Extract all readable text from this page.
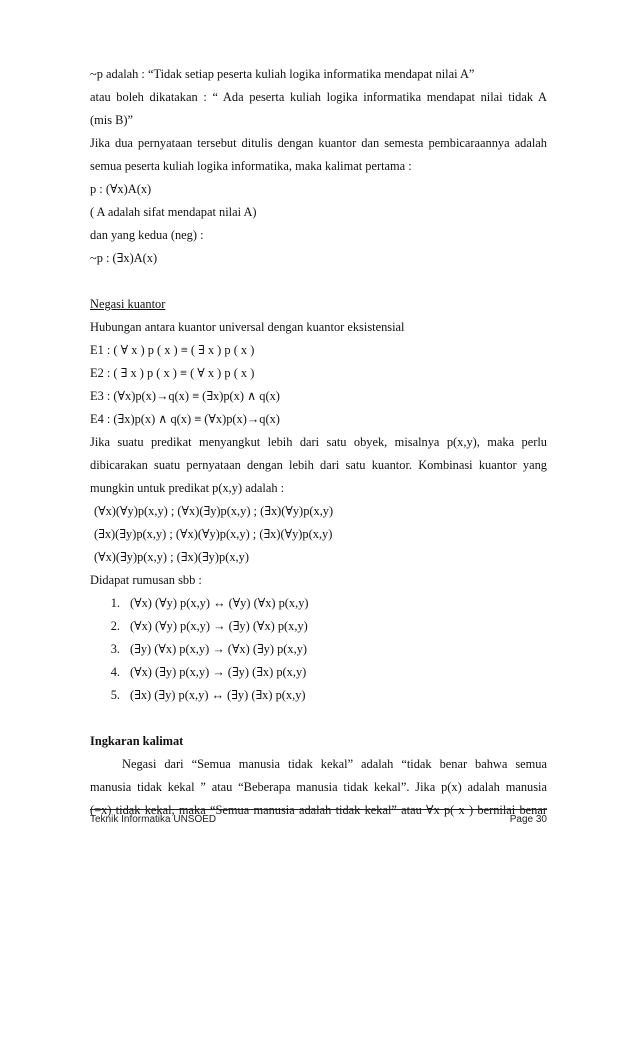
~p adalah : “Tidak setiap peserta kuliah logika informatika mendapat nilai A”
atau boleh dikatakan : “ Ada peserta kuliah logika informatika mendapat nilai tidak A
(mis B)”
Jika dua pernyataan tersebut ditulis dengan kuantor dan semesta pembicaraannya adalah
semua peserta kuliah logika informatika, maka kalimat pertama :
p : (∀x)A(x)
( A adalah sifat mendapat nilai A)
dan yang kedua (neg) :
~p : (∃x)A(x)
Negasi kuantor
Hubungan antara kuantor universal dengan kuantor eksistensial
E1 : ( ∀ x ) p ( x ) ≡ ( ∃ x ) p ( x )
E2 : ( ∃ x ) p ( x ) ≡ ( ∀ x ) p ( x )
E3 : (∀x)p(x)→q(x) ≡ (∃x)p(x) ∧ q(x)
E4 : (∃x)p(x) ∧ q(x) ≡ (∀x)p(x)→q(x)
Jika suatu predikat menyangkut lebih dari satu obyek, misalnya p(x,y), maka perlu
dibicarakan suatu pernyataan dengan lebih dari satu kuantor. Kombinasi kuantor yang
mungkin untuk predikat p(x,y) adalah :
(∀x)(∀y)p(x,y) ; (∀x)(∃y)p(x,y) ; (∃x)(∀y)p(x,y)
(∃x)(∃y)p(x,y) ; (∀x)(∀y)p(x,y) ; (∃x)(∀y)p(x,y)
(∀x)(∃y)p(x,y) ; (∃x)(∃y)p(x,y)
Didapat rumusan sbb :
1. (∀x) (∀y) p(x,y) ↔ (∀y) (∀x) p(x,y)
2. (∀x) (∀y) p(x,y) → (∃y) (∀x) p(x,y)
3. (∃y) (∀x) p(x,y) → (∀x) (∃y) p(x,y)
4. (∀x) (∃y) p(x,y) → (∃y) (∃x) p(x,y)
5. (∃x) (∃y) p(x,y) ↔ (∃y) (∃x) p(x,y)
Ingkaran kalimat
Negasi dari “Semua manusia tidak kekal” adalah “tidak benar bahwa semua
manusia tidak kekal ” atau “Beberapa manusia tidak kekal”. Jika p(x) adalah manusia
(=x) tidak kekal, maka “Semua manusia adalah tidak kekal” atau ∀x p( x ) bernilai benar
Teknik Informatika UNSOED	Page 30
